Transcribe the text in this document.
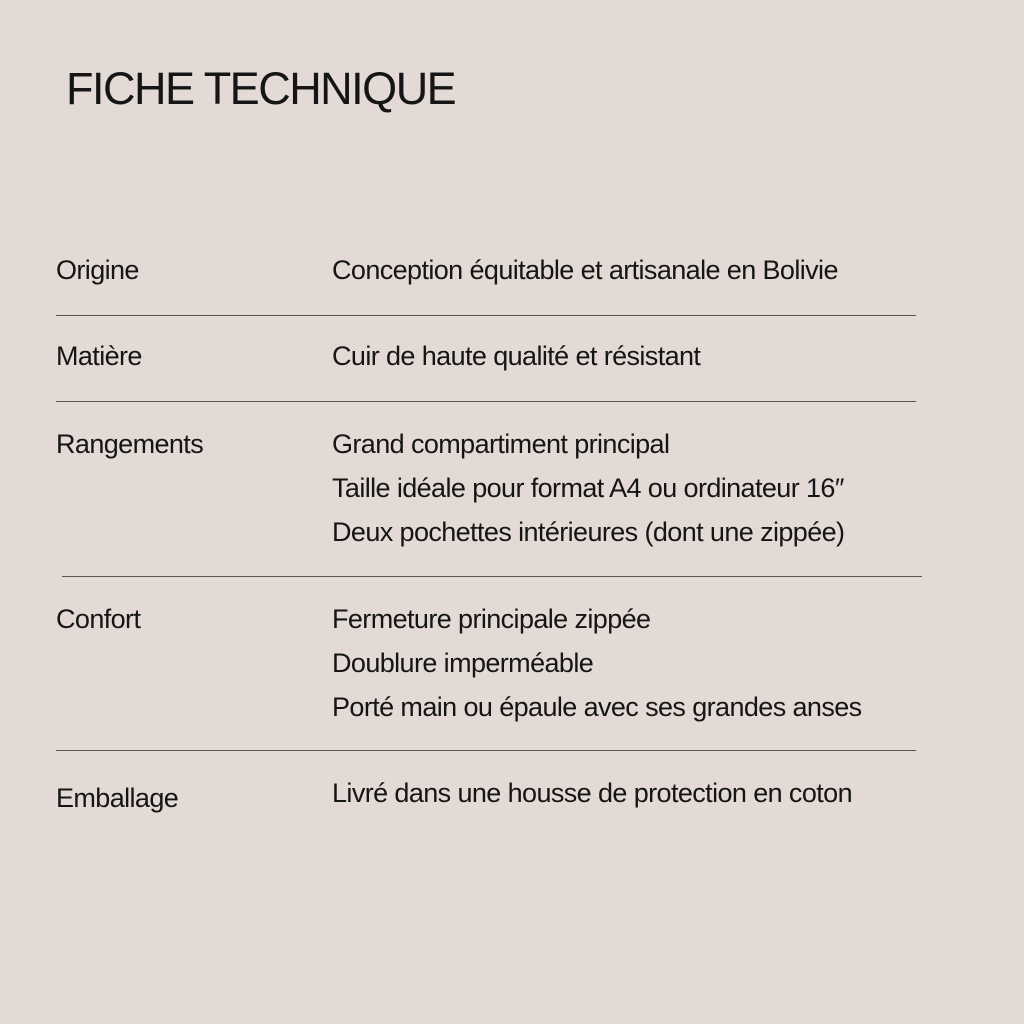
FICHE TECHNIQUE
Origine	Conception équitable et artisanale en Bolivie
Matière	Cuir de haute qualité et résistant
Rangements	Grand compartiment principal
Taille idéale pour format A4 ou ordinateur 16″
Deux pochettes intérieures (dont une zippée)
Confort	Fermeture principale zippée
Doublure imperméable
Porté main ou épaule avec ses grandes anses
Emballage	Livré dans une housse de protection en coton
